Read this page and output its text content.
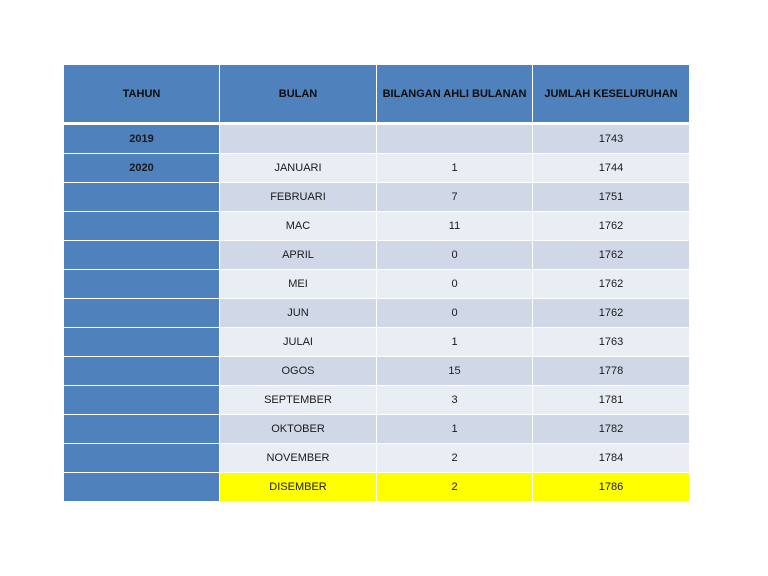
TAHUN	BULAN	BILANGAN AHLI BULANAN	JUMLAH KESELURUHAN
2019			1743
2020	JANUARI	1	1744
	FEBRUARI	7	1751
	MAC	11	1762
	APRIL	0	1762
	MEI	0	1762
	JUN	0	1762
	JULAI	1	1763
	OGOS	15	1778
	SEPTEMBER	3	1781
	OKTOBER	1	1782
	NOVEMBER	2	1784
	DISEMBER	2	1786
